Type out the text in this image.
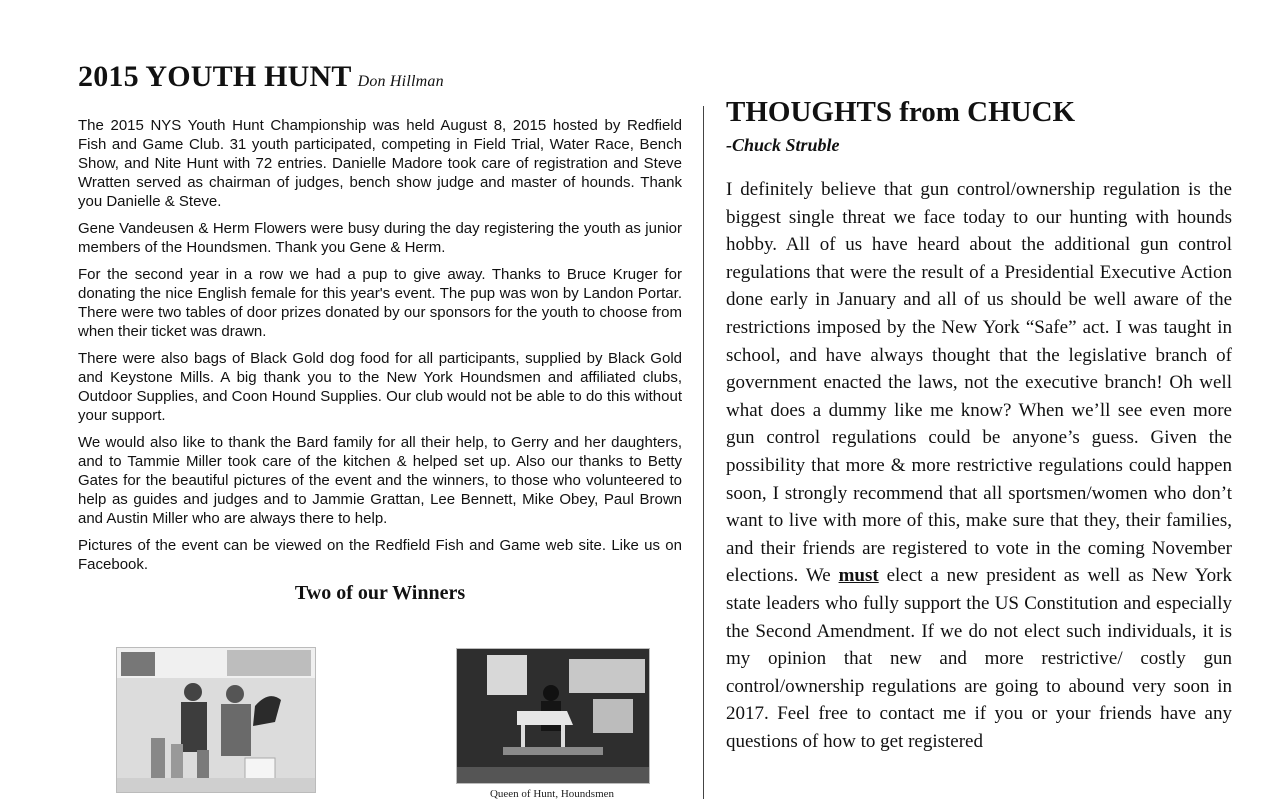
2015 YOUTH HUNT Don Hillman

The 2015 NYS Youth Hunt Championship was held August 8, 2015 hosted by Redfield Fish and Game Club. 31 youth participated, competing in Field Trial, Water Race, Bench Show, and Nite Hunt with 72 entries. Danielle Madore took care of registration and Steve Wratten served as chairman of judges, bench show judge and master of hounds. Thank you Danielle & Steve.

Gene Vandeusen & Herm Flowers were busy during the day registering the youth as junior members of the Houndsmen. Thank you Gene & Herm.

For the second year in a row we had a pup to give away. Thanks to Bruce Kruger for donating the nice English female for this year's event. The pup was won by Landon Portar. There were two tables of door prizes donated by our sponsors for the youth to choose from when their ticket was drawn.

There were also bags of Black Gold dog food for all participants, supplied by Black Gold and Keystone Mills. A big thank you to the New York Houndsmen and affiliated clubs, Outdoor Supplies, and Coon Hound Supplies. Our club would not be able to do this without your support.

We would also like to thank the Bard family for all their help, to Gerry and her daughters, and to Tammie Miller took care of the kitchen & helped set up. Also our thanks to Betty Gates for the beautiful pictures of the event and the winners, to those who volunteered to help as guides and judges and to Jammie Grattan, Lee Bennett, Mike Obey, Paul Brown and Austin Miller who are always there to help.

Pictures of the event can be viewed on the Redfield Fish and Game web site. Like us on Facebook.

Two of our Winners
Queen of Hunt, Houndsmen
THOUGHTS from CHUCK
-Chuck Struble

I definitely believe that gun control/ownership regulation is the biggest single threat we face today to our hunting with hounds hobby. All of us have heard about the additional gun control regulations that were the result of a Presidential Executive Action done early in January and all of us should be well aware of the restrictions imposed by the New York “Safe” act. I was taught in school, and have always thought that the legislative branch of government enacted the laws, not the executive branch! Oh well what does a dummy like me know? When we’ll see even more gun control regulations could be anyone’s guess. Given the possibility that more & more restrictive regulations could happen soon, I strongly recommend that all sportsmen/women who don’t want to live with more of this, make sure that they, their families, and their friends are registered to vote in the coming November elections. We must elect a new president as well as New York state leaders who fully support the US Constitution and especially the Second Amendment. If we do not elect such individuals, it is my opinion that new and more restrictive/ costly gun control/ownership regulations are going to abound very soon in 2017. Feel free to contact me if you or your friends have any questions of how to get registered
